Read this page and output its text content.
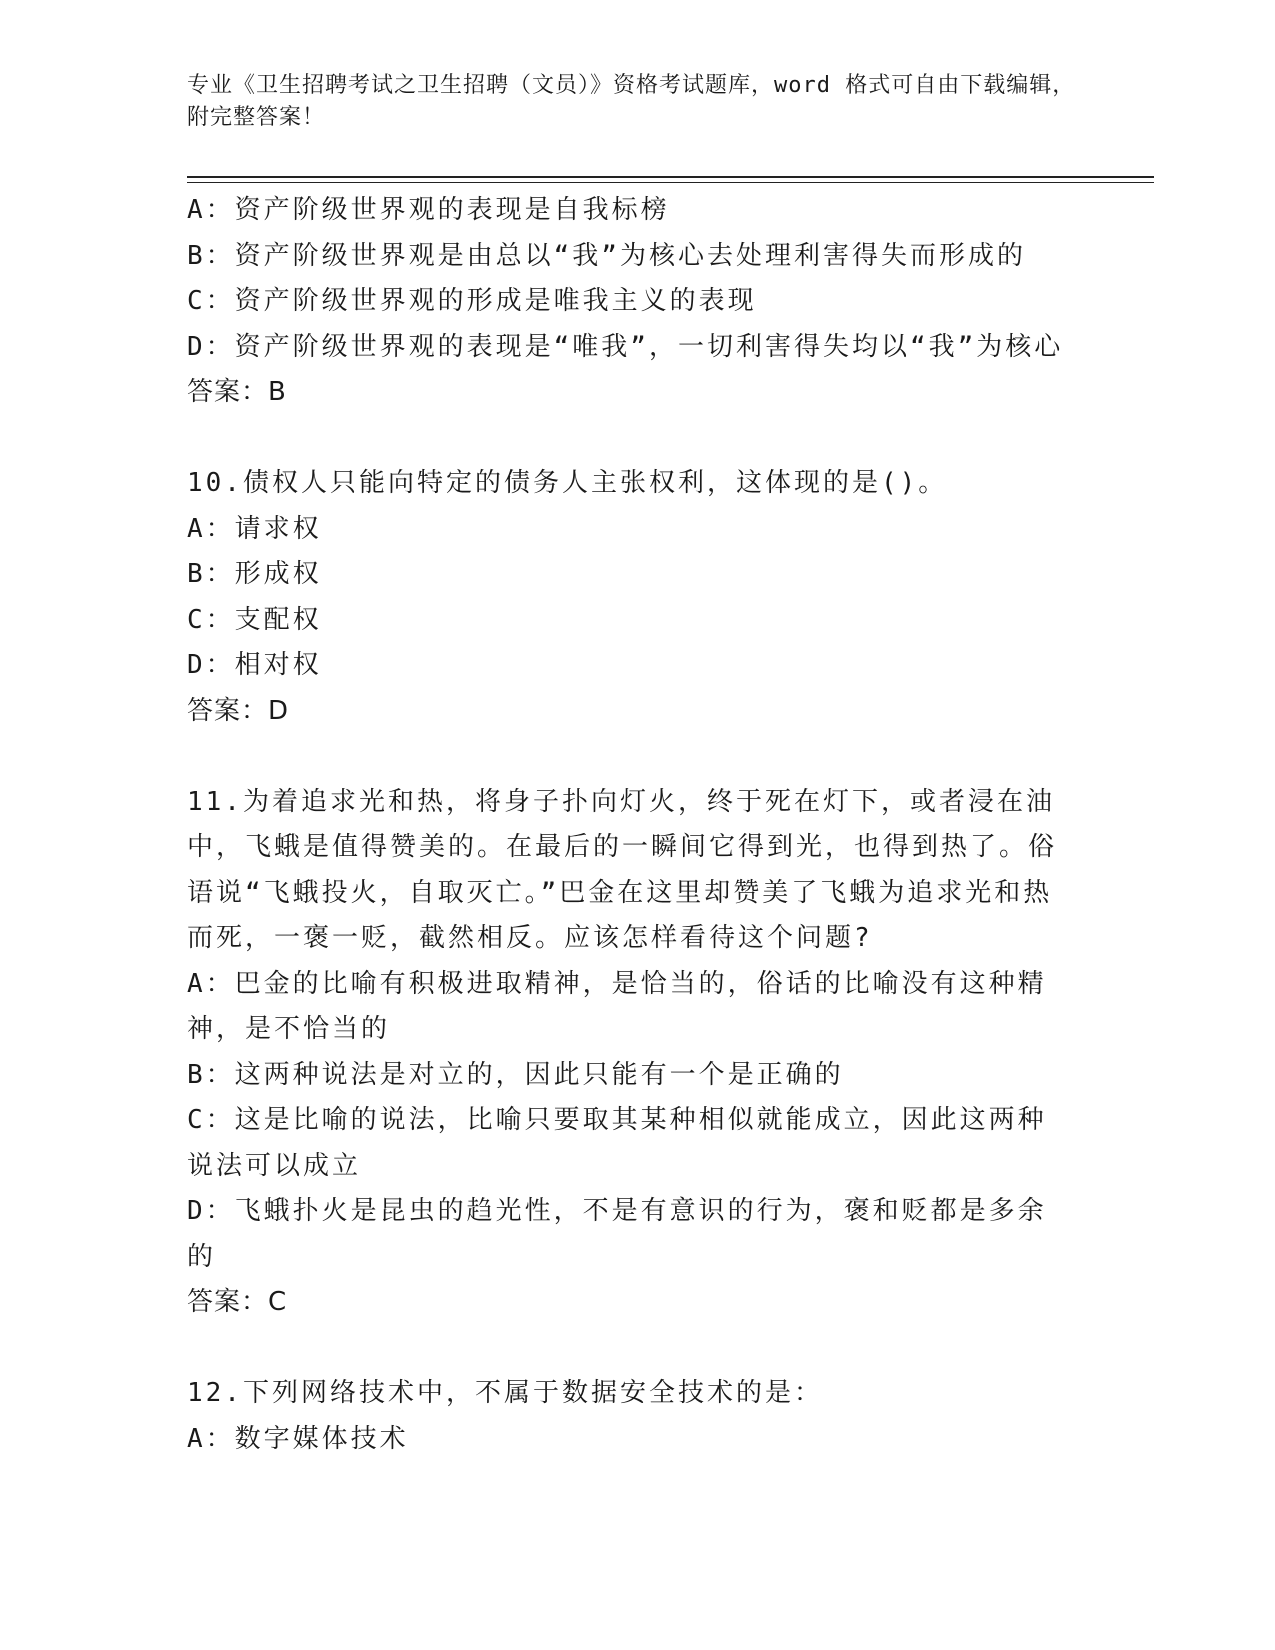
专业《卫生招聘考试之卫生招聘（文员）》资格考试题库，word 格式可自由下载编辑，附完整答案！

A：资产阶级世界观的表现是自我标榜

B：资产阶级世界观是由总以“我”为核心去处理利害得失而形成的

C：资产阶级世界观的形成是唯我主义的表现

D：资产阶级世界观的表现是“唯我”，一切利害得失均以“我”为核心

答案：B

10.债权人只能向特定的债务人主张权利，这体现的是()。

A：请求权

B：形成权

C：支配权

D：相对权

答案：D

11.为着追求光和热，将身子扑向灯火，终于死在灯下，或者浸在油中，飞蛾是值得赞美的。在最后的一瞬间它得到光，也得到热了。俗语说“飞蛾投火，自取灭亡。”巴金在这里却赞美了飞蛾为追求光和热而死，一褒一贬，截然相反。应该怎样看待这个问题?

A：巴金的比喻有积极进取精神，是恰当的，俗话的比喻没有这种精神，是不恰当的

B：这两种说法是对立的，因此只能有一个是正确的

C：这是比喻的说法，比喻只要取其某种相似就能成立，因此这两种说法可以成立

D：飞蛾扑火是昆虫的趋光性，不是有意识的行为，褒和贬都是多余的

答案：C

12.下列网络技术中，不属于数据安全技术的是：

A：数字媒体技术
